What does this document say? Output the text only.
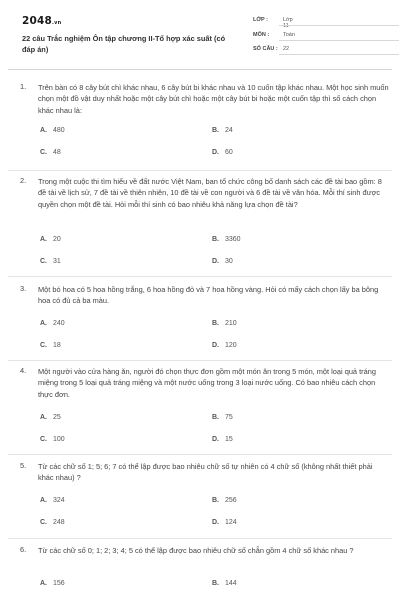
2048.vn
22 câu Trắc nghiệm Ôn tập chương II-Tổ hợp xác suất (có đáp án)
LỚP :	Lớp 11
MÔN :	Toán
SỐ CÂU : 22
1. Trên bàn có 8 cây bút chì khác nhau, 6 cây bút bi khác nhau và 10 cuốn tập khác nhau. Một học sinh muốn chọn một đồ vật duy nhất hoặc một cây bút chì hoặc một cây bút bi hoặc một cuốn tập thì số cách chọn khác nhau là:
A. 480	B. 24
C. 48	D. 60
2. Trong một cuộc thi tìm hiểu về đất nước Việt Nam, ban tổ chức công bố danh sách các đề tài bao gồm: 8 đề tài về lịch sử, 7 đề tài về thiên nhiên, 10 đề tài về con người và 6 đề tài về văn hóa. Mỗi thí sinh được quyền chọn một đề tài. Hỏi mỗi thí sinh có bao nhiêu khả năng lựa chọn đề tài?
A. 20	B. 3360
C. 31	D. 30
3. Một bó hoa có 5 hoa hồng trắng, 6 hoa hồng đỏ và 7 hoa hồng vàng. Hỏi có mấy cách chọn lấy ba bông hoa có đủ cả ba màu.
A. 240	B. 210
C. 18	D. 120
4. Một người vào cửa hàng ăn, người đó chọn thực đơn gồm một món ăn trong 5 món, một loại quả tráng miệng trong 5 loại quả tráng miệng và một nước uống trong 3 loại nước uống. Có bao nhiêu cách chọn thực đơn.
A. 25	B. 75
C. 100	D. 15
5. Từ các chữ số 1; 5; 6; 7 có thể lập được bao nhiêu chữ số tự nhiên có 4 chữ số (không nhất thiết phải khác nhau) ?
A. 324	B. 256
C. 248	D. 124
6. Từ các chữ số 0; 1; 2; 3; 4; 5 có thể lập được bao nhiêu chữ số chẵn gồm 4 chữ số khác nhau ?
A. 156	B. 144
